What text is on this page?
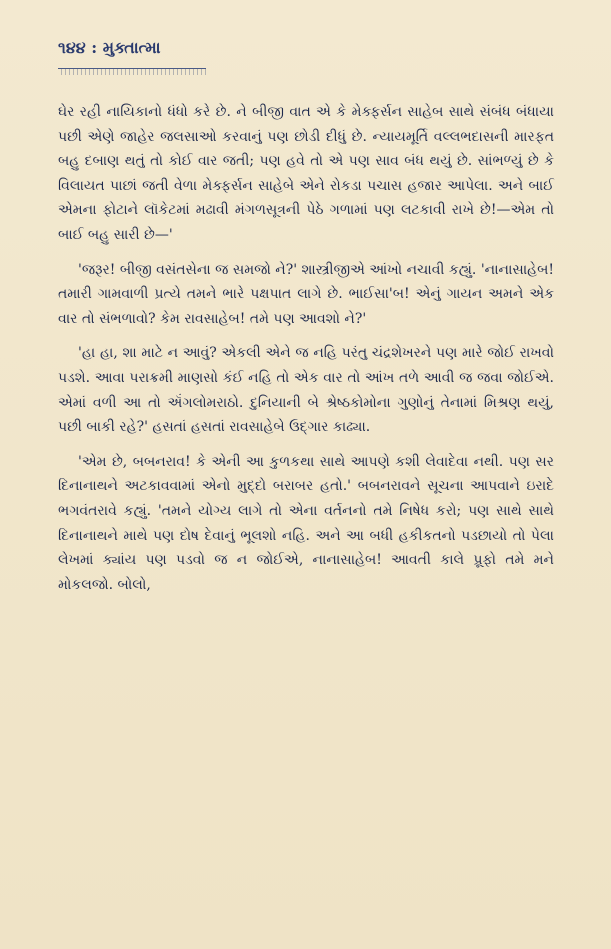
૧૪૪ : મુક્તાત્મા

ઘેર રહી નાયિકાનો ધંધો કરે છે. ને બીજી વાત એ કે મેક્ફર્સન સાહેબ સાથે સંબંધ બંધાયા પછી એણે જાહેર જલસાઓ કરવાનું પણ છોડી દીધું છે. ન્યાયમૂર્તિ વલ્લભદાસની મારફત બહુ દબાણ થતું તો કોઈ વાર જતી; પણ હવે તો એ પણ સાવ બંધ થયું છે. સાંભળ્યું છે કે વિલાયત પાછાં જતી વેળા મેક્ફર્સન સાહેબે એને રોકડા પચાસ હજાર આપેલા. અને બાઈ એમના ફોટાને લૉકેટમાં મઢાવી મંગળસૂત્રની પેઠે ગળામાં પણ લટકાવી રાખે છે!—એમ તો બાઈ બહુ સારી છે—'

'જરૂર! બીજી વસંતસેના જ સમજો ને?' શાસ્ત્રીજીએ આંખો નચાવી કહ્યું. 'નાનાસાહેબ! તમારી ગામવાળી પ્રત્યે તમને ભારે પક્ષપાત લાગે છે. ભાઈસા'બ! એનું ગાયન અમને એક વાર તો સંભળાવો? કેમ રાવસાહેબ! તમે પણ આવશો ને?'

'હા હા, શા માટે ન આવું? એકલી એને જ નહિ પરંતુ ચંદ્રશેખરને પણ મારે જોઈ રાખવો પડશે. આવા પરાક્રમી માણસો કંઈ નહિ તો એક વાર તો આંખ તળે આવી જ જવા જોઈએ. એમાં વળી આ તો ઍંગલોમરાઠો. દુનિયાની બે શ્રેષ્ઠકોમોના ગુણોનું તેનામાં મિશ્રણ થયું, પછી બાકી રહે?' હસતાં હસતાં રાવસાહેબે ઉદ્ગાર કાઢ્યા.

'એમ છે, બબનરાવ! કે એની આ કુળકથા સાથે આપણે કશી લેવાદેવા નથી. પણ સર દિનાનાથને અટકાવવામાં એનો મુદ્દો બરાબર હતો.' બબનરાવને સૂચના આપવાને ઇરાદે ભગવંતરાવે કહ્યું. 'તમને યોગ્ય લાગે તો એના વર્તનનો તમે નિષેધ કરો; પણ સાથે સાથે દિનાનાથને માથે પણ દોષ દેવાનું ભૂલશો નહિ. અને આ બધી હકીકતનો પડછાયો તો પેલા લેખમાં ક્યાંય પણ પડવો જ ન જોઈએ, નાનાસાહેબ! આવતી કાલે પ્રૂફો તમે મને મોકલજો. બોલો,
